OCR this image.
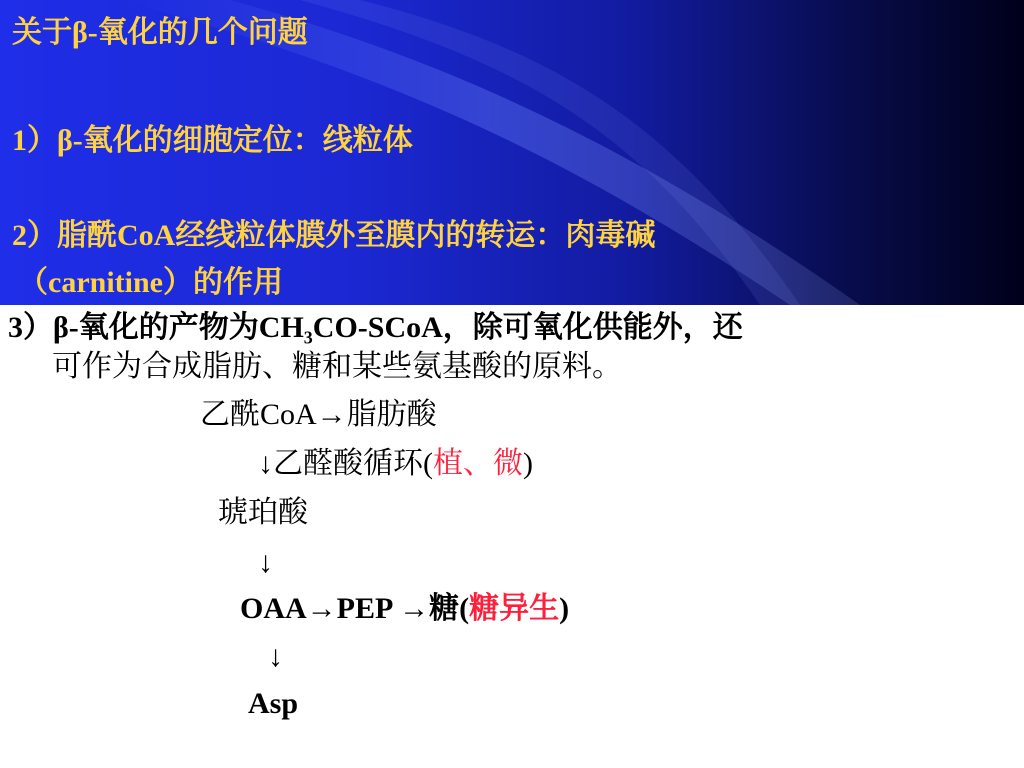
关于β-氧化的几个问题
1）β-氧化的细胞定位：线粒体
2）脂酰CoA经线粒体膜外至膜内的转运：肉毒碱
（carnitine）的作用
3）β-氧化的产物为$CH_3CO$-SCoA，除可氧化供能外，还
可作为合成脂肪、糖和某些氨基酸的原料。
乙酰CoA→脂肪酸
↓乙醛酸循环(植、微)
琥珀酸
↓
OAA→PEP →糖(糖异生)
↓
Asp
